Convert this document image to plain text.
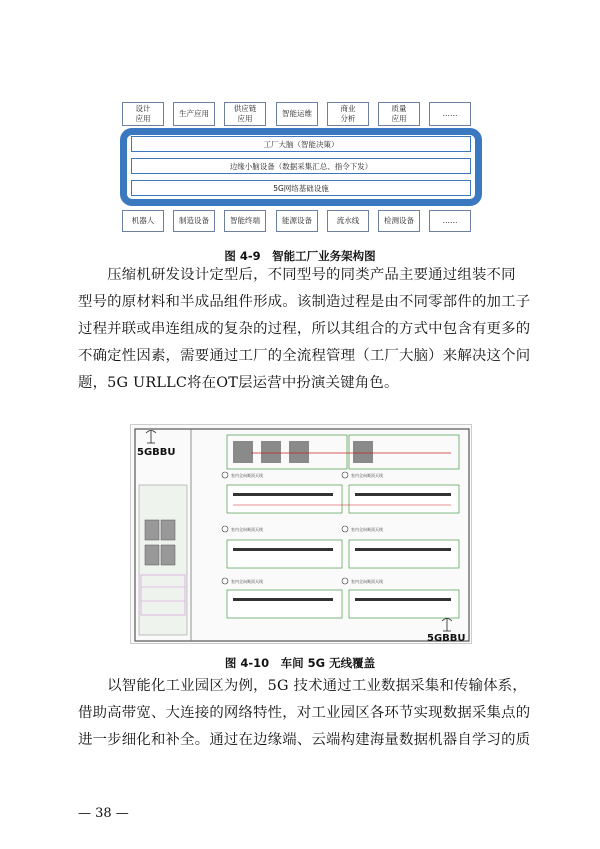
设计
应用
生产应用
供应链
应用
智能运维
商业
分析
质量
应用
……
工厂大脑（智能决策）
边缘小脑设备（数据采集汇总、指令下发）
5G网络基础设施
机器人	制造设备	智能终端	能源设备	流水线	检测设备	……
图 4-9　智能工厂业务架构图
　　压缩机研发设计定型后，不同型号的同类产品主要通过组装不同
型号的原材料和半成品组件形成。该制造过程是由不同零部件的加工子
过程并联或串连组成的复杂的过程，所以其组合的方式中包含有更多的
不确定性因素，需要通过工厂的全流程管理（工厂大脑）来解决这个问
题，5G URLLC将在OT层运营中扮演关键角色。
室内全向吸顶天线	室内全向吸顶天线
室内全向吸顶天线	室内全向吸顶天线
室内全向吸顶天线	室内全向吸顶天线
5GBBU
5GBBU
图 4-10　车间 5G 无线覆盖
　　以智能化工业园区为例，5G 技术通过工业数据采集和传输体系，
借助高带宽、大连接的网络特性，对工业园区各环节实现数据采集点的
进一步细化和补全。通过在边缘端、云端构建海量数据机器自学习的质
— 38 —
